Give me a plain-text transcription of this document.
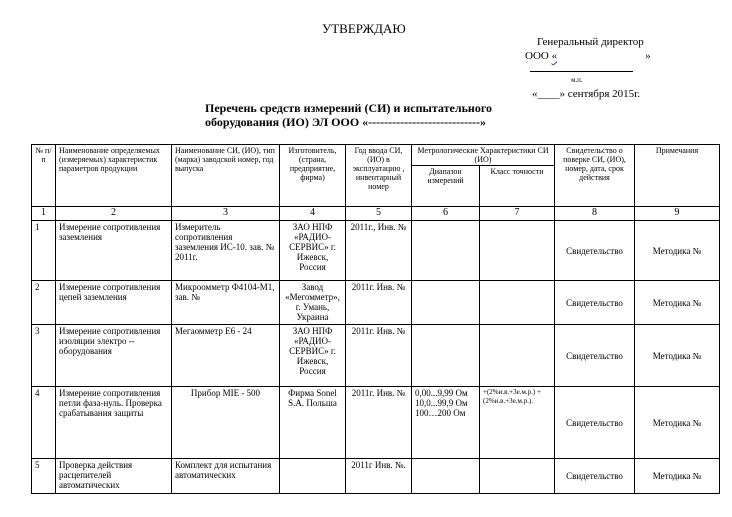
УТВЕРЖДАЮ
Генеральный директор
ООО «	»
м.п.
«____» сентября 2015г.
Перечень средств измерений (СИ) и испытательного
оборудования (ИО) ЭЛ ООО «----------------------------»
№ п/п	Наименование определяемых (измеряемых) характеристик параметров продукции	Наименование СИ, (ИО), тип (марка) заводской номер, год выпуска	Изготовитель, (страна, предприятие, фирма)	Год ввода СИ, (ИО) в эксплуатацию , инвентарный номер	Метрологические Характеристики СИ (ИО)		Свидетельство о поверке СИ, (ИО), номер, дата, срок действия	Примечания
					Диапазон измерений	Класс точности		
1	2	3	4	5	6	7	8	9
1	Измерение сопротивления заземления	Измеритель сопротивления заземления ИС-10. зав. № 2011г.	ЗАО НПФ «РАДИО-СЕРВИС» г. Ижевск, Россия	2011г., Инв. №			Свидетельство	Методика №
2	Измерение сопротивления цепей заземления	Микроомметр Ф4104-М1, зав. №	Завод «Мегомметр», г. Умань, Украина	2011г. Инв. №			Свидетельство	Методика №
3	Измерение сопротивления изоляции электро -- оборудования	Мегаомметр Е6 - 24	ЗАО НПФ «РАДИО-СЕРВИС» г. Ижевск, Россия	2011г. Инв. №			Свидетельство	Методика №
4	Измерение сопротивления петли фаза-нуль. Проверка срабатывания защиты	Прибор MIE - 500	Фирма Sonel S.A. Польша	2011г. Инв. №	0,00...9,99 Ом 10,0...99,9 Ом 100…200 Ом	+(2%и.в.+3е.м.р.) +(2%и.в.+3е.м.р.).	Свидетельство	Методика №
5	Проверка действия расцепителей автоматических	Комплект для испытания автоматических		2011г Инв. №.			Свидетельство	Методика №
